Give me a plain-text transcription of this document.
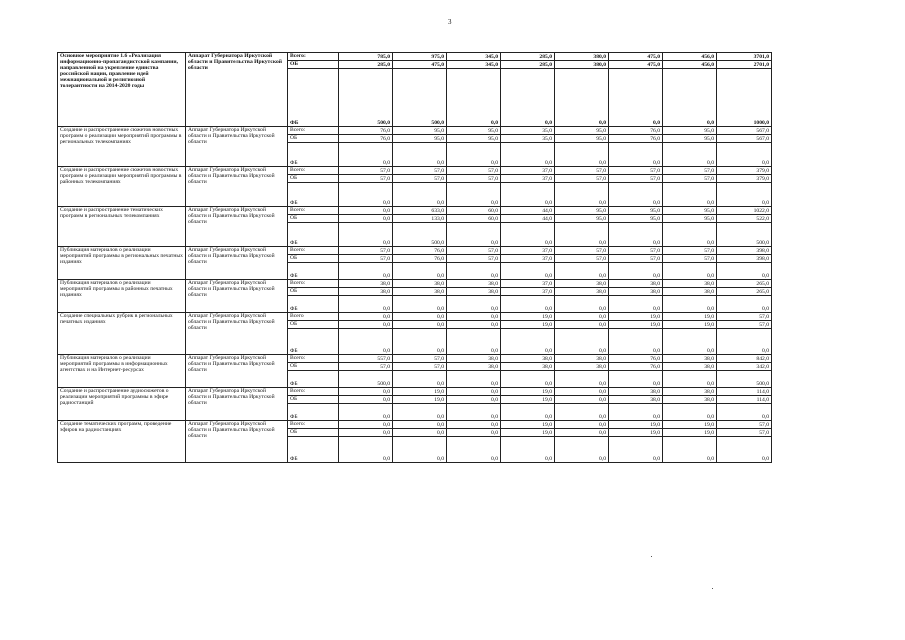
3
Основное мероприятие 1.6 «Реализация информационно-пропагандистской кампании, направленной на укрепление единства российской нации, правление ндей межнациональной и религиозной толерантности на 2014-2020 годы	Аппарат Губернатора Иркутской области и Правительства Иркутской области	Всего:	785,0	975,0	345,0	285,0	380,0	475,0	456,0	3701,0
		ОБ	285,0	475,0	345,0	285,0	380,0	475,0	456,0	2701,0
		ФБ	500,0	500,0	0,0	0,0	0,0	0,0	0,0	1000,0
Создание и распространение сюжетов новостных программ о реализации мероприятий программы в региональных телекомпаниях	Аппарат Губернатора Иркутской области и Правительства Иркутской области	Всего:	76,0	95,0	95,0	35,0	95,0	76,0	95,0	567,0
		ОБ	76,0	95,0	95,0	35,0	95,0	76,0	95,0	567,0
		ФБ	0,0	0,0	0,0	0,0	0,0	0,0	0,0	0,0
Создание и распространение сюжетов новостных программ о реализации мероприятий программы в районных телекомпаниях	Аппарат Губернатора Иркутской области и Правительства Иркутской области	Всего:	57,0	57,0	57,0	37,0	57,0	57,0	57,0	379,0
		ОБ	57,0	57,0	57,0	37,0	57,0	57,0	57,0	379,0
		ФБ	0,0	0,0	0,0	0,0	0,0	0,0	0,0	0,0
Создание и распространение тематических программ в региональных телекомпаниях	Аппарат Губернатора Иркутской области и Правительства Иркутской области	Всего:	0,0	633,0	60,0	44,0	95,0	95,0	95,0	1022,0
		ОБ	0,0	133,0	60,0	44,0	95,0	95,0	95,0	522,0
		ФБ	0,0	500,0	0,0	0,0	0,0	0,0	0,0	500,0
Публикация материалов о реализации мероприятий программы в региональных печатных изданиях	Аппарат Губернатора Иркутской области и Правительства Иркутской области	Всего:	57,0	76,0	57,0	37,0	57,0	57,0	57,0	398,0
		ОБ	57,0	76,0	57,0	37,0	57,0	57,0	57,0	398,0
		ФБ	0,0	0,0	0,0	0,0	0,0	0,0	0,0	0,0
Публикация материалов о реализации мероприятий программы в районных печатных изданиях	Аппарат Губернатора Иркутской области и Правительства Иркутской области	Всего:	38,0	38,0	38,0	37,0	38,0	38,0	38,0	265,0
		ОБ	38,0	38,0	38,0	37,0	38,0	38,0	38,0	265,0
		ФБ	0,0	0,0	0,0	0,0	0,0	0,0	0,0	0,0
Создание специальных рубрик в региональных печатных изданиях	Аппарат Губернатора Иркутской области и Правительства Иркутской области	Всего	0,0	0,0	0,0	19,0	0,0	19,0	19,0	57,0
		ОБ	0,0	0,0	0,0	19,0	0,0	19,0	19,0	57,0
		ФБ	0,0	0,0	0,0	0,0	0,0	0,0	0,0	0,0
Публикация материалов о реализации мероприятий программы в информационных агентствах и на Интернет-ресурсах	Аппарат Губернатора Иркутской области и Правительства Иркутской области	Всего:	557,0	57,0	38,0	38,0	38,0	76,0	38,0	842,0
		ОБ	57,0	57,0	38,0	38,0	38,0	76,0	38,0	342,0
		ФБ	500,0	0,0	0,0	0,0	0,0	0,0	0,0	500,0
Создание и распространение аудиосюжетов о реализации мероприятий программы в эфире радиостанций	Аппарат Губернатора Иркутской области и Правительства Иркутской области	Всего:	0,0	19,0	0,0	19,0	0,0	38,0	38,0	114,0
		ОБ	0,0	19,0	0,0	19,0	0,0	38,0	38,0	114,0
		ФБ	0,0	0,0	0,0	0,0	0,0	0,0	0,0	0,0
Создание тематических программ, проведение эфиров на радиостанциях	Аппарат Губернатора Иркутской области и Правительства Иркутской области	Всего:	0,0	0,0	0,0	19,0	0,0	19,0	19,0	57,0
		ОБ	0,0	0,0	0,0	19,0	0,0	19,0	19,0	57,0
		ФБ	0,0	0,0	0,0	0,0	0,0	0,0	0,0	0,0
